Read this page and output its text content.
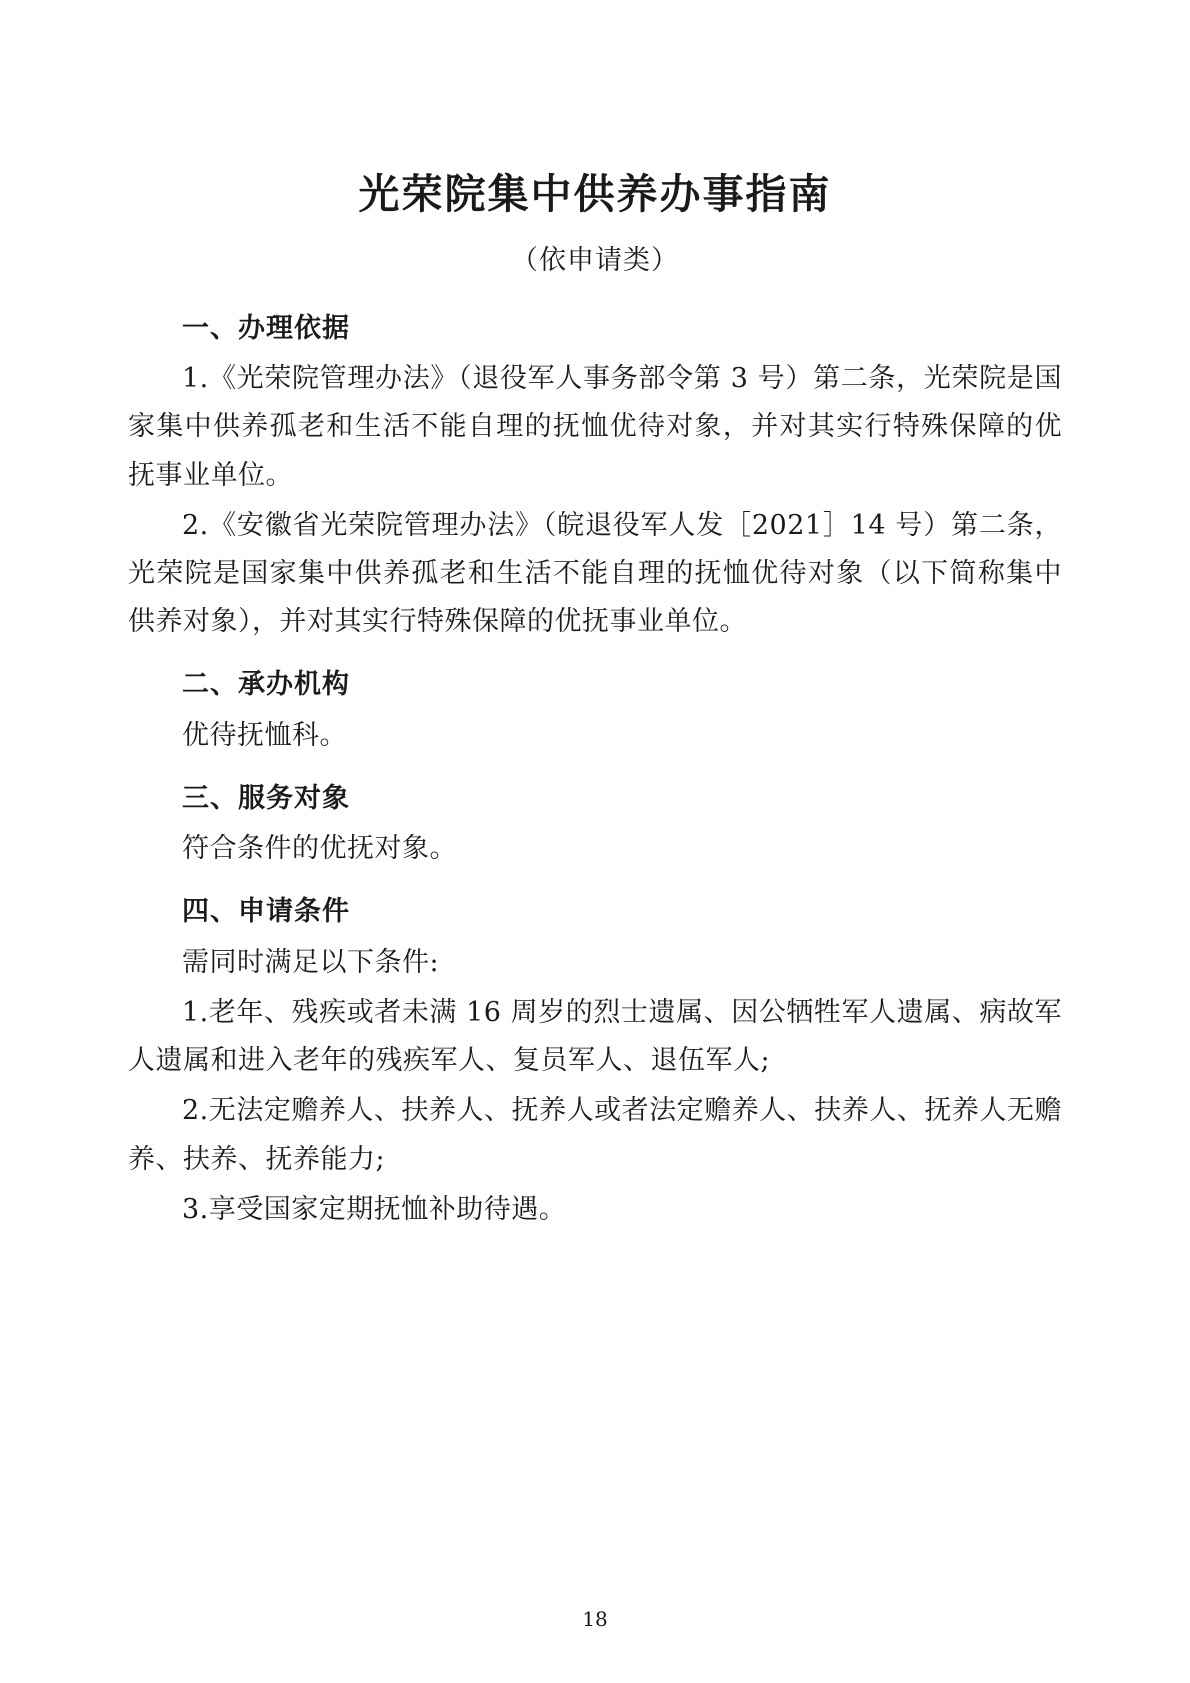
光荣院集中供养办事指南
（依申请类）
一、办理依据

1.《光荣院管理办法》（退役军人事务部令第 3 号）第二条，光荣院是国家集中供养孤老和生活不能自理的抚恤优待对象，并对其实行特殊保障的优抚事业单位。

2.《安徽省光荣院管理办法》（皖退役军人发［2021］14 号）第二条，光荣院是国家集中供养孤老和生活不能自理的抚恤优待对象（以下简称集中供养对象），并对其实行特殊保障的优抚事业单位。

二、承办机构

优待抚恤科。

三、服务对象

符合条件的优抚对象。

四、申请条件

需同时满足以下条件:

1.老年、残疾或者未满 16 周岁的烈士遗属、因公牺牲军人遗属、病故军人遗属和进入老年的残疾军人、复员军人、退伍军人;

2.无法定赡养人、扶养人、抚养人或者法定赡养人、扶养人、抚养人无赡养、扶养、抚养能力;

3.享受国家定期抚恤补助待遇。

18
